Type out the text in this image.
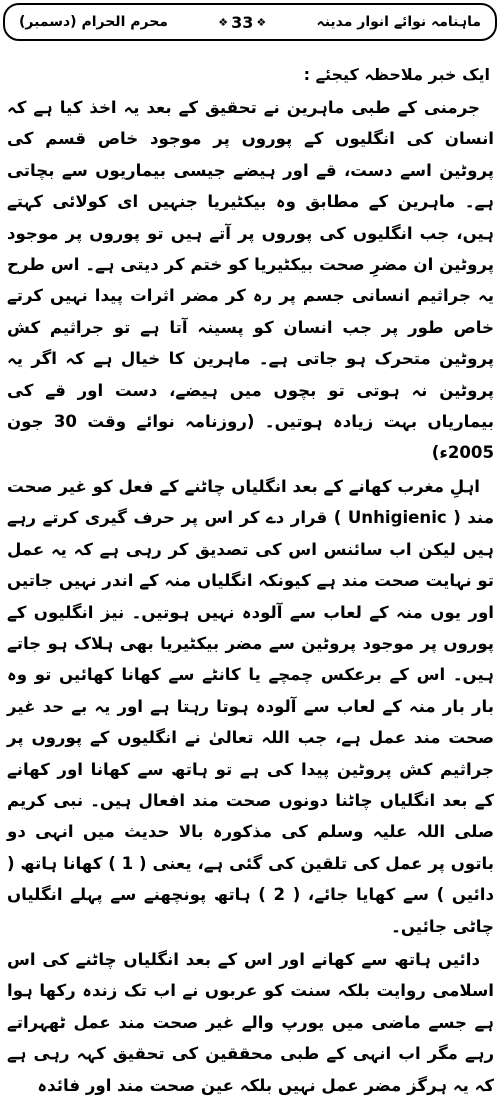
ماہنامہ نوائے انوار مدینہ
❖ 33 ❖
محرم الحرام (دسمبر)
ایک خبر ملاحظہ کیجئے :

جرمنی کے طبی ماہرین نے تحقیق کے بعد یہ اخذ کیا ہے کہ انسان کی انگلیوں کے پوروں پر موجود خاص قسم کی پروٹین اسے دست، قے اور ہیضے جیسی بیماریوں سے بچاتی ہے۔ ماہرین کے مطابق وہ بیکٹیریا جنہیں ای کولائی کہتے ہیں، جب انگلیوں کی پوروں پر آتے ہیں تو پوروں پر موجود پروٹین ان مضرِ صحت بیکٹیریا کو ختم کر دیتی ہے۔ اس طرح یہ جراثیم انسانی جسم پر رہ کر مضر اثرات پیدا نہیں کرتے خاص طور پر جب انسان کو پسینہ آتا ہے تو جراثیم کش پروٹین متحرک ہو جاتی ہے۔ ماہرین کا خیال ہے کہ اگر یہ پروٹین نہ ہوتی تو بچوں میں ہیضے، دست اور قے کی بیماریاں بہت زیادہ ہوتیں۔ (روزنامہ نوائے وقت 30 جون 2005ء)

اہلِ مغرب کھانے کے بعد انگلیاں چاٹنے کے فعل کو غیر صحت مند ( Unhigienic ) قرار دے کر اس پر حرف گیری کرتے رہے ہیں لیکن اب سائنس اس کی تصدیق کر رہی ہے کہ یہ عمل تو نہایت صحت مند ہے کیونکہ انگلیاں منہ کے اندر نہیں جاتیں اور یوں منہ کے لعاب سے آلودہ نہیں ہوتیں۔ نیز انگلیوں کے پوروں پر موجود پروٹین سے مضر بیکٹیریا بھی ہلاک ہو جاتے ہیں۔ اس کے برعکس چمچے یا کانٹے سے کھانا کھائیں تو وہ بار بار منہ کے لعاب سے آلودہ ہوتا رہتا ہے اور یہ بے حد غیر صحت مند عمل ہے، جب اللہ تعالیٰ نے انگلیوں کے پوروں پر جراثیم کش پروٹین پیدا کی ہے تو ہاتھ سے کھانا اور کھانے کے بعد انگلیاں چاٹنا دونوں صحت مند افعال ہیں۔ نبی کریم صلی اللہ علیہ وسلم کی مذکورہ بالا حدیث میں انہی دو باتوں پر عمل کی تلقین کی گئی ہے، یعنی ( 1 ) کھانا ہاتھ ( دائیں ) سے کھایا جائے، ( 2 ) ہاتھ پونچھنے سے پہلے انگلیاں چاٹی جائیں۔

دائیں ہاتھ سے کھانے اور اس کے بعد انگلیاں چاٹنے کی اس اسلامی روایت بلکہ سنت کو عربوں نے اب تک زندہ رکھا ہوا ہے جسے ماضی میں یورپ والے غیر صحت مند عمل ٹھہراتے رہے مگر اب انہی کے طبی محققین کی تحقیق کہہ رہی ہے کہ یہ ہرگز مضر عمل نہیں بلکہ عین صحت مند اور فائدہ
